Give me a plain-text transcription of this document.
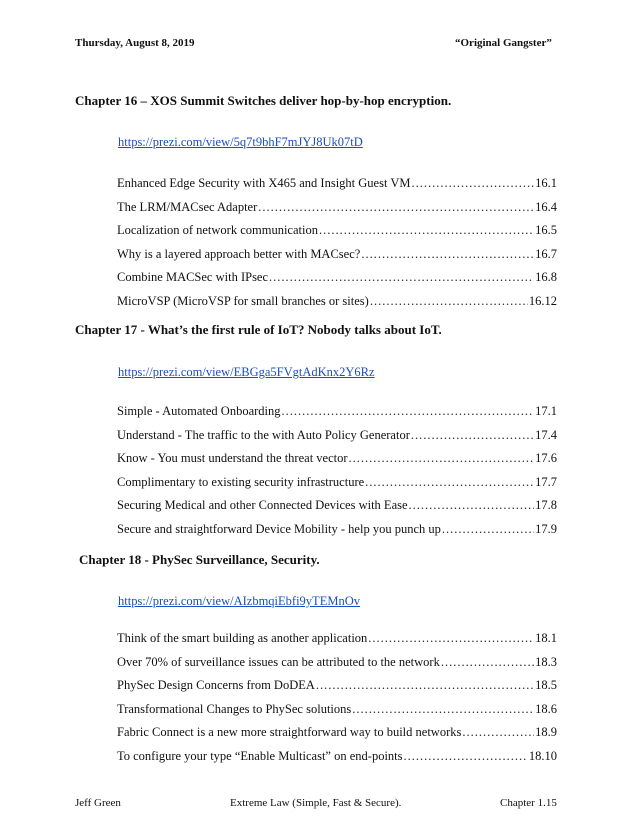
Thursday, August 8, 2019	“Original Gangster”
Chapter 16 – XOS Summit Switches deliver hop-by-hop encryption.
https://prezi.com/view/5q7t9bhF7mJYJ8Uk07tD
Enhanced Edge Security with X465 and Insight Guest VM .....	16.1
The LRM/MACsec Adapter .....	16.4
Localization of network communication .....	16.5
Why is a layered approach better with MACsec? .....	16.7
Combine MACSec with IPsec .....	16.8
MicroVSP (MicroVSP for small branches or sites) .....	16.12
Chapter 17 - What’s the first rule of IoT? Nobody talks about IoT.
https://prezi.com/view/EBGga5FVgtAdKnx2Y6Rz
Simple - Automated Onboarding .....	17.1
Understand - The traffic to the with Auto Policy Generator .....	17.4
Know - You must understand the threat vector .....	17.6
Complimentary to existing security infrastructure .....	17.7
Securing Medical and other Connected Devices with Ease .....	17.8
Secure and straightforward Device Mobility - help you punch up .....	17.9
Chapter 18 - PhySec Surveillance, Security.
https://prezi.com/view/AIzbmqiEbfi9yTEMnOv
Think of the smart building as another application .....	18.1
Over 70% of surveillance issues can be attributed to the network .....	18.3
PhySec Design Concerns from DoDEA .....	18.5
Transformational Changes to PhySec solutions .....	18.6
Fabric Connect is a new more straightforward way to build networks .....	18.9
To configure your type “Enable Multicast” on end-points .....	18.10
Jeff Green	Extreme Law (Simple, Fast & Secure).	Chapter 1.15
